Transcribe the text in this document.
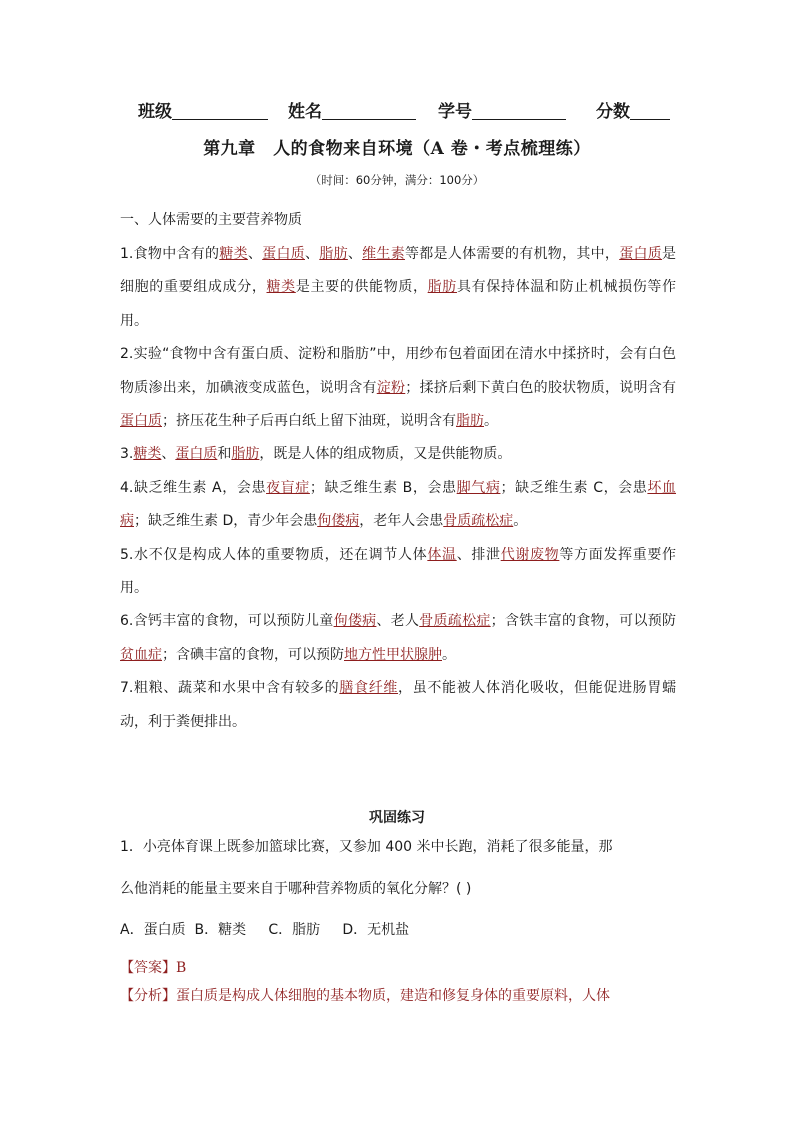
班级	姓名	学号	分数
第九章　人的食物来自环境（A 卷・考点梳理练）
（时间：60分钟，满分：100分）
一、人体需要的主要营养物质

1.食物中含有的糖类、蛋白质、脂肪、维生素等都是人体需要的有机物，其中，蛋白质是细胞的重要组成成分，糖类是主要的供能物质，脂肪具有保持体温和防止机械损伤等作用。

2.实验“食物中含有蛋白质、淀粉和脂肪”中，用纱布包着面团在清水中揉挤时，会有白色物质渗出来，加碘液变成蓝色，说明含有淀粉；揉挤后剩下黄白色的胶状物质，说明含有蛋白质；挤压花生种子后再白纸上留下油斑，说明含有脂肪。

3.糖类、蛋白质和脂肪，既是人体的组成物质，又是供能物质。

4.缺乏维生素 A，会患夜盲症；缺乏维生素 B，会患脚气病；缺乏维生素 C，会患坏血病；缺乏维生素 D，青少年会患佝偻病，老年人会患骨质疏松症。

5.水不仅是构成人体的重要物质，还在调节人体体温、排泄代谢废物等方面发挥重要作用。

6.含钙丰富的食物，可以预防儿童佝偻病、老人骨质疏松症；含铁丰富的食物，可以预防贫血症；含碘丰富的食物，可以预防地方性甲状腺肿。

7.粗粮、蔬菜和水果中含有较多的膳食纤维，虽不能被人体消化吸收，但能促进肠胃蠕动，利于粪便排出。

巩固练习
1．小亮体育课上既参加篮球比赛，又参加 400 米中长跑，消耗了很多能量，那
么他消耗的能量主要来自于哪种营养物质的氧化分解？( )
A．蛋白质  B．糖类     C．脂肪     D．无机盐
【答案】B
【分析】蛋白质是构成人体细胞的基本物质，建造和修复身体的重要原料，人体
